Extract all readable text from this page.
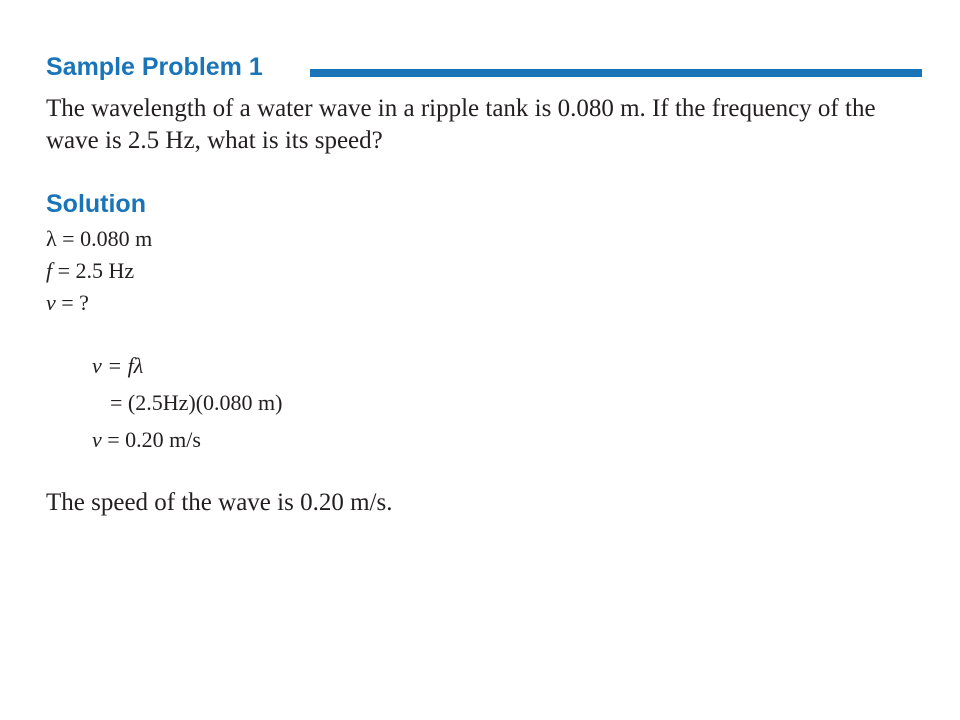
Sample Problem 1
The wavelength of a water wave in a ripple tank is 0.080 m. If the frequency of the wave is 2.5 Hz, what is its speed?
Solution
λ = 0.080 m
f = 2.5 Hz
v = ?
v = fλ
= (2.5Hz)(0.080 m)
v = 0.20 m/s
The speed of the wave is 0.20 m/s.
